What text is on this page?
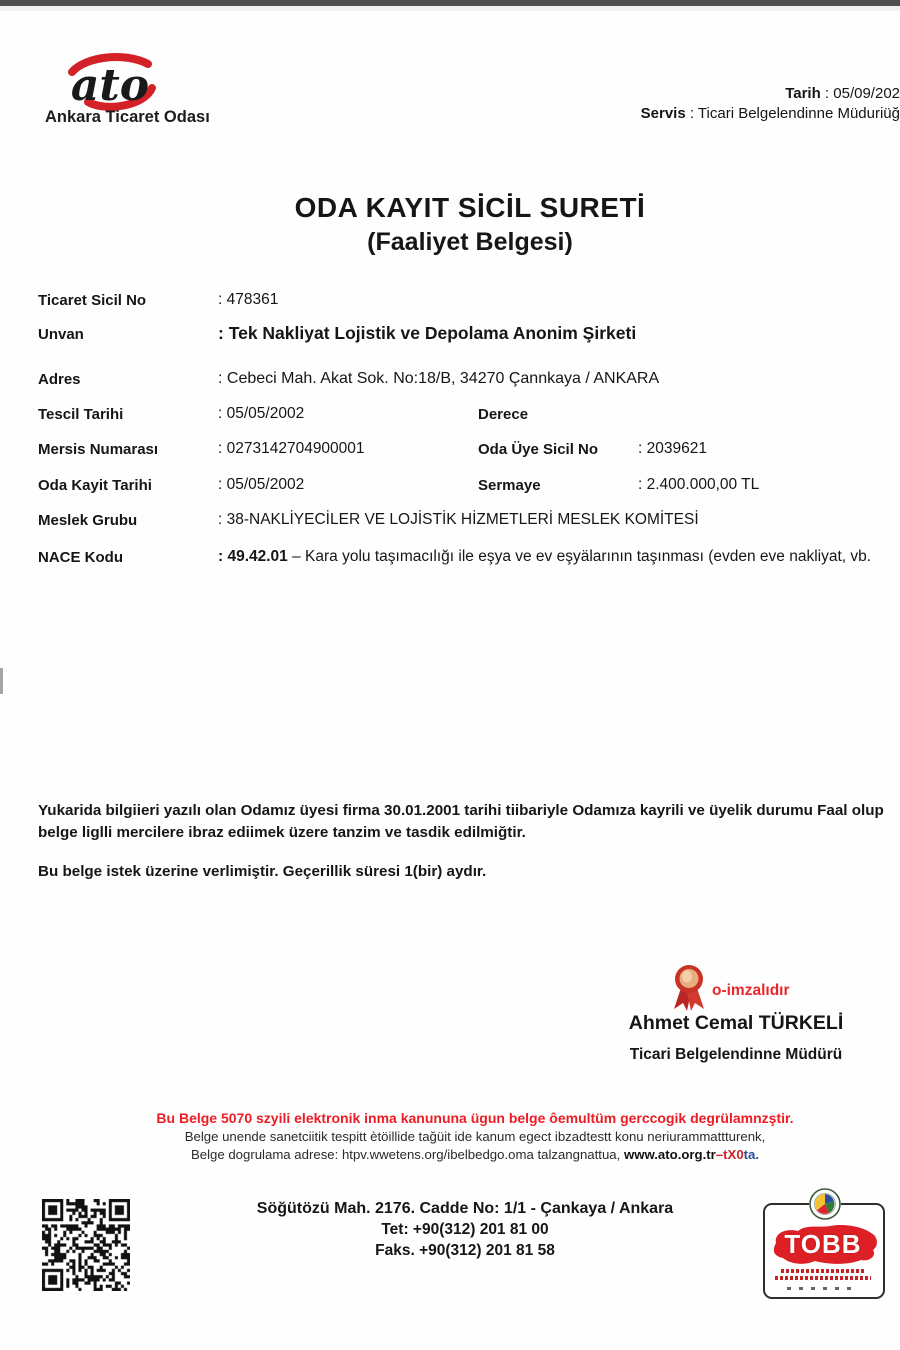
ato
Ankara Ticaret Odası
Tarih : 05/09/202
Servis : Ticari Belgelendinne Müduriüğ
ODA KAYIT SİCİL SURETİ
(Faaliyet Belgesi)
Ticaret Sicil No	: 478361
Unvan	: Tek Nakliyat Lojistik ve Depolama Anonim Şirketi
Adres	: Cebeci Mah. Akat Sok. No:18/B, 34270 Çannkaya / ANKARA
Tescil Tarihi	: 05/05/2002	Derece
Mersis Numarası	: 0273142704900001	Oda Üye Sicil No	: 2039621
Oda Kayit Tarihi	: 05/05/2002	Sermaye	: 2.400.000,00 TL
Meslek Grubu	: 38-NAKLİYECİLER VE LOJİSTİK HİZMETLERİ MESLEK KOMİTESİ
NACE Kodu	: 49.42.01 – Kara yolu taşımacılığı ile eşya ve ev eşyälarının taşınması (evden eve nakliyat, vb.
Yukarida bilgiieri yazılı olan Odamız üyesi firma 30.01.2001 tarihi tiibariyle Odamıza kayrili ve üyelik durumu Faal olup belge liglli mercilere ibraz ediimek üzere tanzim ve tasdik edilmiğtir.
Bu belge istek üzerine verlimiştir. Geçerillik süresi 1(bir) aydır.
o-imzalıdır
Ahmet Cemal TÜRKELİ
Ticari Belgelendinne Müdürü
Bu Belge 5070 szyili elektronik inma kanununa ügun belge ôemultüm gerccogik degrülamnzştir.
Belge unende sanetciitik tespitt ètöillide tağüit ide kanum egect ibzadtestt konu neriurammattturenk,
Belge dogrulama adrese: htpv.wwetens.org/ibelbedgo.oma talzangnattua, www.ato.org.tr–tX0ta.
Söğütözü Mah. 2176. Cadde No: 1/1 - Çankaya / Ankara
Tet: +90(312) 201 81 00
Faks. +90(312) 201 81 58	TOBB
